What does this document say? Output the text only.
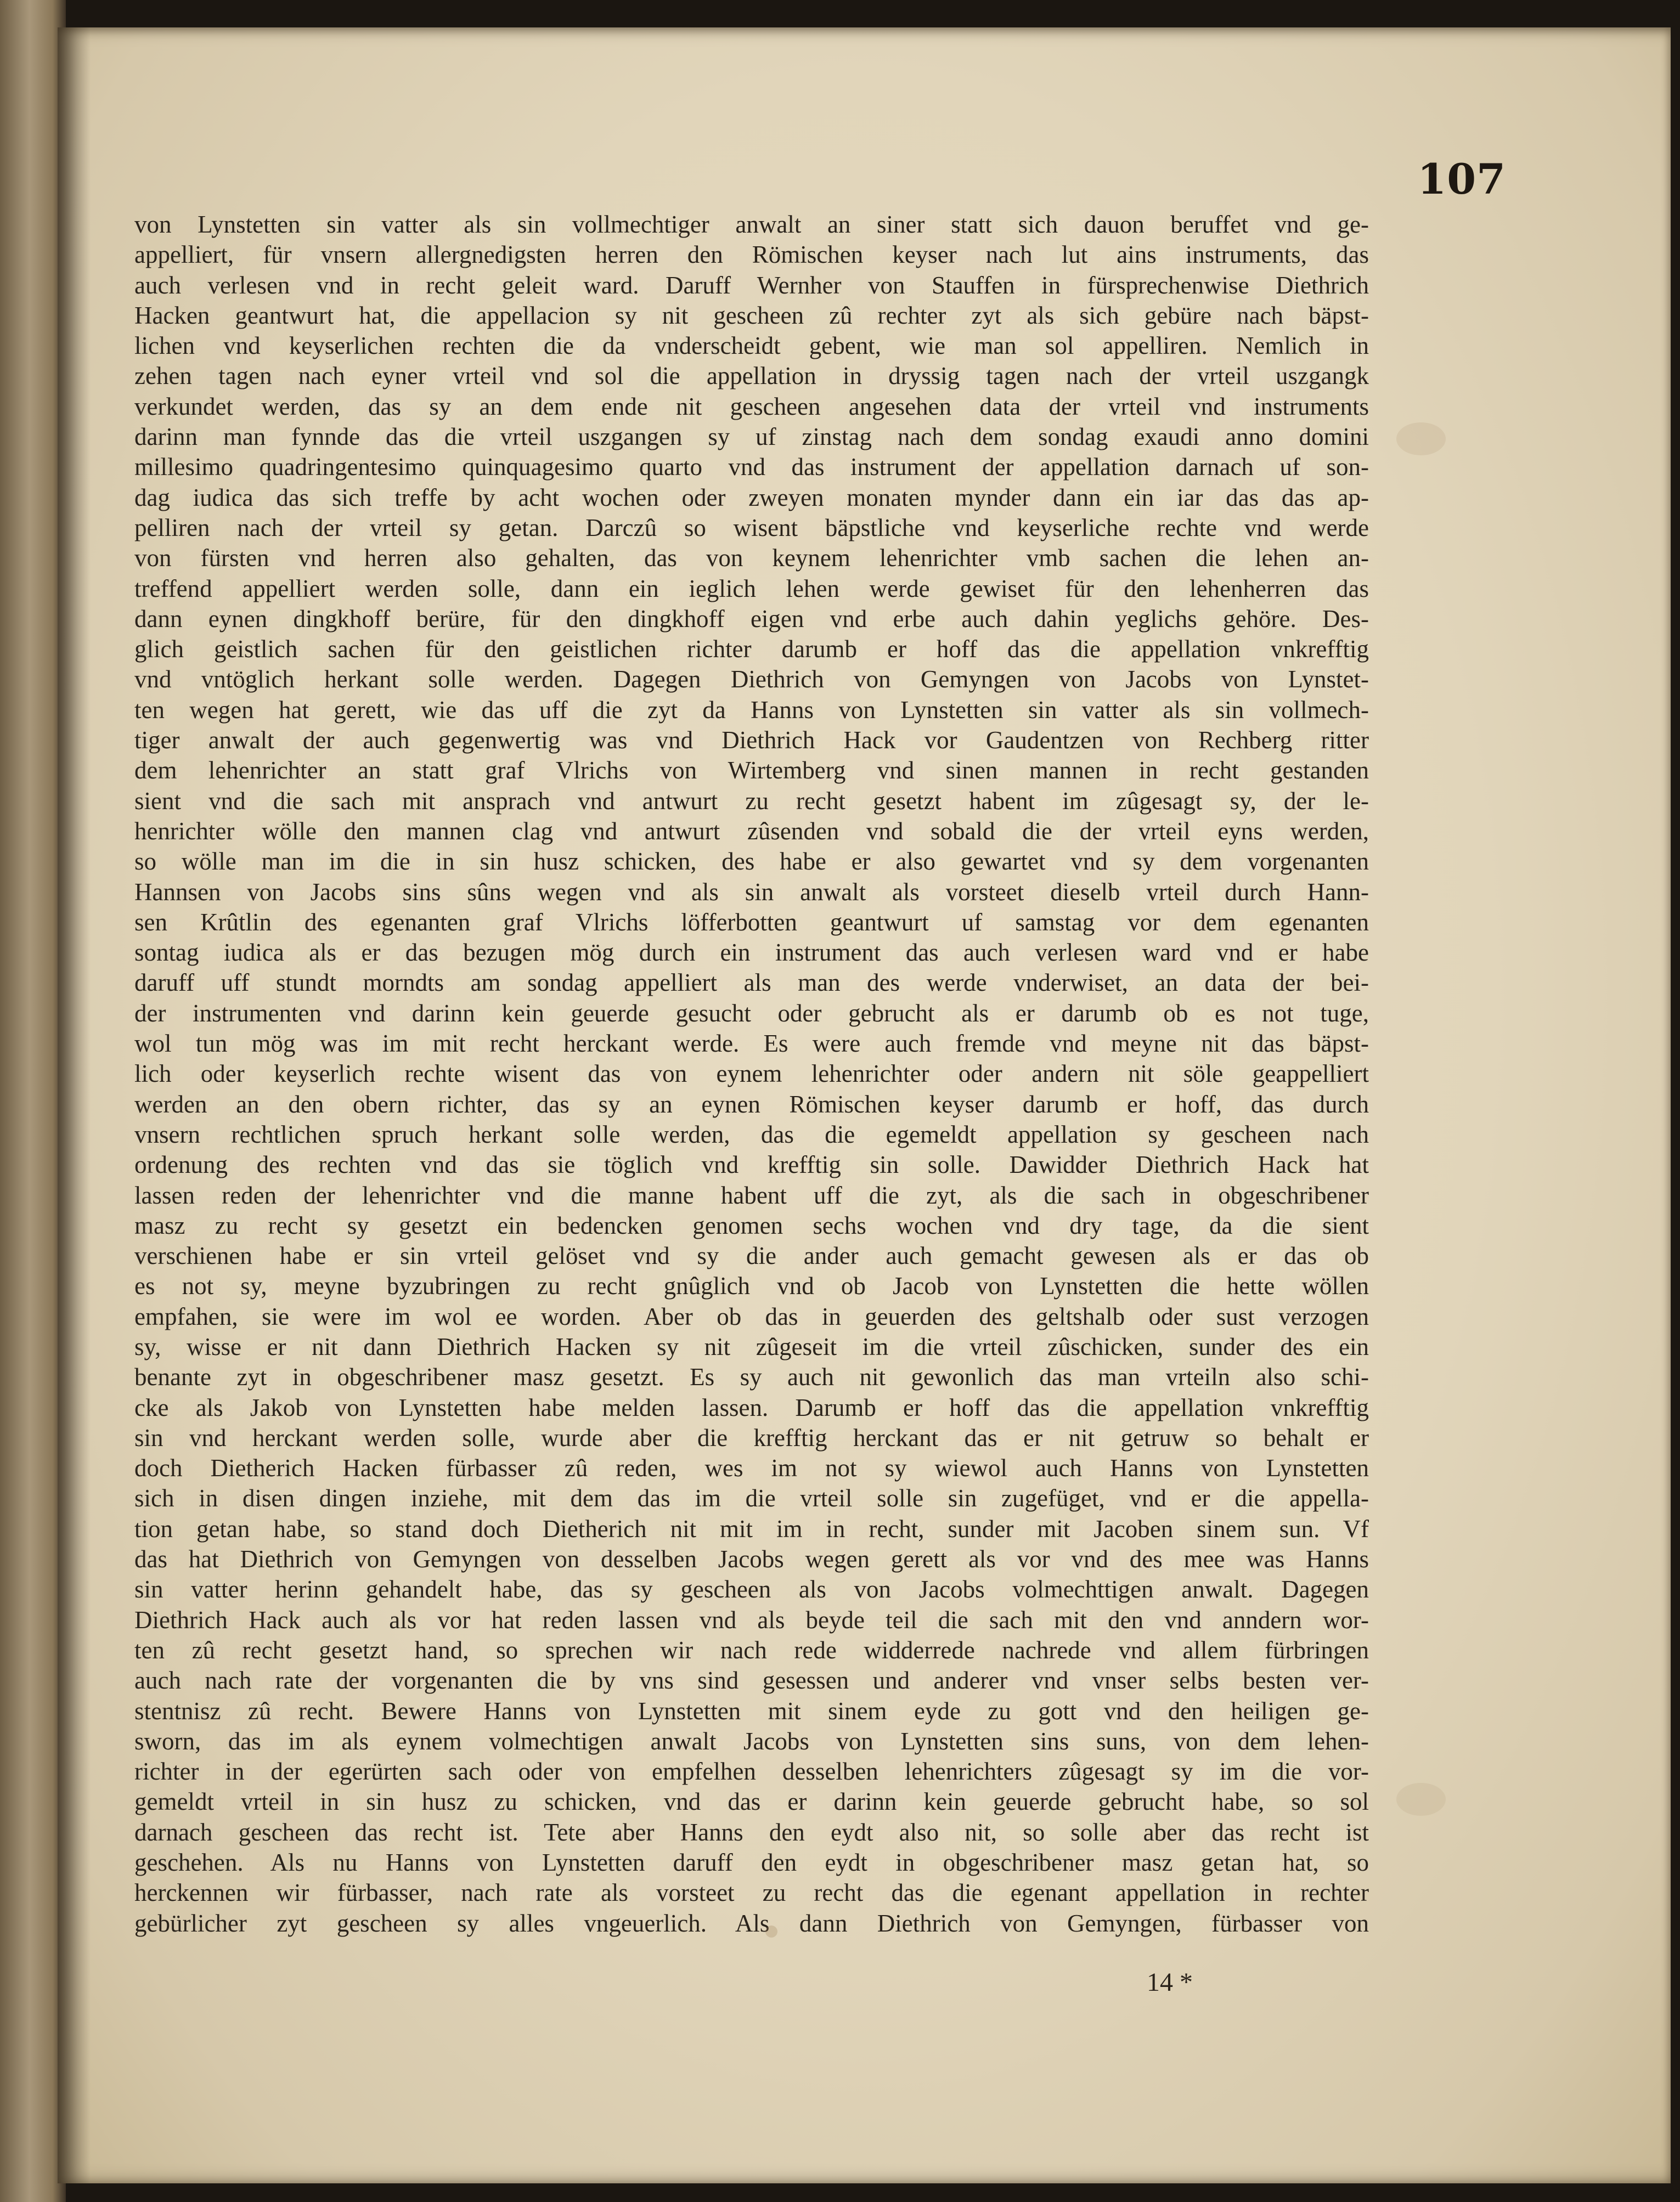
107
von Lynstetten sin vatter als sin vollmechtiger anwalt an siner statt sich dauon beruffet vnd ge-
appelliert, für vnsern allergnedigsten herren den Römischen keyser nach lut ains instruments, das
auch verlesen vnd in recht geleit ward. Daruff Wernher von Stauffen in fürsprechenwise Diethrich
Hacken geantwurt hat, die appellacion sy nit gescheen zû rechter zyt als sich gebüre nach bäpst-
lichen vnd keyserlichen rechten die da vnderscheidt gebent, wie man sol appelliren. Nemlich in
zehen tagen nach eyner vrteil vnd sol die appellation in dryssig tagen nach der vrteil uszgangk
verkundet werden, das sy an dem ende nit gescheen angesehen data der vrteil vnd instruments
darinn man fynnde das die vrteil uszgangen sy uf zinstag nach dem sondag exaudi anno domini
millesimo quadringentesimo quinquagesimo quarto vnd das instrument der appellation darnach uf son-
dag iudica das sich treffe by acht wochen oder zweyen monaten mynder dann ein iar das das ap-
pelliren nach der vrteil sy getan. Darczû so wisent bäpstliche vnd keyserliche rechte vnd werde
von fürsten vnd herren also gehalten, das von keynem lehenrichter vmb sachen die lehen an-
treffend appelliert werden solle, dann ein ieglich lehen werde gewiset für den lehenherren das
dann eynen dingkhoff berüre, für den dingkhoff eigen vnd erbe auch dahin yeglichs gehöre. Des-
glich geistlich sachen für den geistlichen richter darumb er hoff das die appellation vnkrefftig
vnd vntöglich herkant solle werden. Dagegen Diethrich von Gemyngen von Jacobs von Lynstet-
ten wegen hat gerett, wie das uff die zyt da Hanns von Lynstetten sin vatter als sin vollmech-
tiger anwalt der auch gegenwertig was vnd Diethrich Hack vor Gaudentzen von Rechberg ritter
dem lehenrichter an statt graf Vlrichs von Wirtemberg vnd sinen mannen in recht gestanden
sient vnd die sach mit ansprach vnd antwurt zu recht gesetzt habent im zûgesagt sy, der le-
henrichter wölle den mannen clag vnd antwurt zûsenden vnd sobald die der vrteil eyns werden,
so wölle man im die in sin husz schicken, des habe er also gewartet vnd sy dem vorgenanten
Hannsen von Jacobs sins sûns wegen vnd als sin anwalt als vorsteet dieselb vrteil durch Hann-
sen Krûtlin des egenanten graf Vlrichs löfferbotten geantwurt uf samstag vor dem egenanten
sontag iudica als er das bezugen mög durch ein instrument das auch verlesen ward vnd er habe
daruff uff stundt morndts am sondag appelliert als man des werde vnderwiset, an data der bei-
der instrumenten vnd darinn kein geuerde gesucht oder gebrucht als er darumb ob es not tuge,
wol tun mög was im mit recht herckant werde. Es were auch fremde vnd meyne nit das bäpst-
lich oder keyserlich rechte wisent das von eynem lehenrichter oder andern nit söle geappelliert
werden an den obern richter, das sy an eynen Römischen keyser darumb er hoff, das durch
vnsern rechtlichen spruch herkant solle werden, das die egemeldt appellation sy gescheen nach
ordenung des rechten vnd das sie töglich vnd krefftig sin solle. Dawidder Diethrich Hack hat
lassen reden der lehenrichter vnd die manne habent uff die zyt, als die sach in obgeschribener
masz zu recht sy gesetzt ein bedencken genomen sechs wochen vnd dry tage, da die sient
verschienen habe er sin vrteil gelöset vnd sy die ander auch gemacht gewesen als er das ob
es not sy, meyne byzubringen zu recht gnûglich vnd ob Jacob von Lynstetten die hette wöllen
empfahen, sie were im wol ee worden. Aber ob das in geuerden des geltshalb oder sust verzogen
sy, wisse er nit dann Diethrich Hacken sy nit zûgeseit im die vrteil zûschicken, sunder des ein
benante zyt in obgeschribener masz gesetzt. Es sy auch nit gewonlich das man vrteiln also schi-
cke als Jakob von Lynstetten habe melden lassen. Darumb er hoff das die appellation vnkrefftig
sin vnd herckant werden solle, wurde aber die krefftig herckant das er nit getruw so behalt er
doch Dietherich Hacken fürbasser zû reden, wes im not sy wiewol auch Hanns von Lynstetten
sich in disen dingen inziehe, mit dem das im die vrteil solle sin zugefüget, vnd er die appella-
tion getan habe, so stand doch Dietherich nit mit im in recht, sunder mit Jacoben sinem sun. Vf
das hat Diethrich von Gemyngen von desselben Jacobs wegen gerett als vor vnd des mee was Hanns
sin vatter herinn gehandelt habe, das sy gescheen als von Jacobs volmechttigen anwalt. Dagegen
Diethrich Hack auch als vor hat reden lassen vnd als beyde teil die sach mit den vnd anndern wor-
ten zû recht gesetzt hand, so sprechen wir nach rede widderrede nachrede vnd allem fürbringen
auch nach rate der vorgenanten die by vns sind gesessen und anderer vnd vnser selbs besten ver-
stentnisz zû recht. Bewere Hanns von Lynstetten mit sinem eyde zu gott vnd den heiligen ge-
sworn, das im als eynem volmechtigen anwalt Jacobs von Lynstetten sins suns, von dem lehen-
richter in der egerürten sach oder von empfelhen desselben lehenrichters zûgesagt sy im die vor-
gemeldt vrteil in sin husz zu schicken, vnd das er darinn kein geuerde gebrucht habe, so sol
darnach gescheen das recht ist. Tete aber Hanns den eydt also nit, so solle aber das recht ist
geschehen. Als nu Hanns von Lynstetten daruff den eydt in obgeschribener masz getan hat, so
herckennen wir fürbasser, nach rate als vorsteet zu recht das die egenant appellation in rechter
gebürlicher zyt gescheen sy alles vngeuerlich. Als dann Diethrich von Gemyngen, fürbasser von
14 *
